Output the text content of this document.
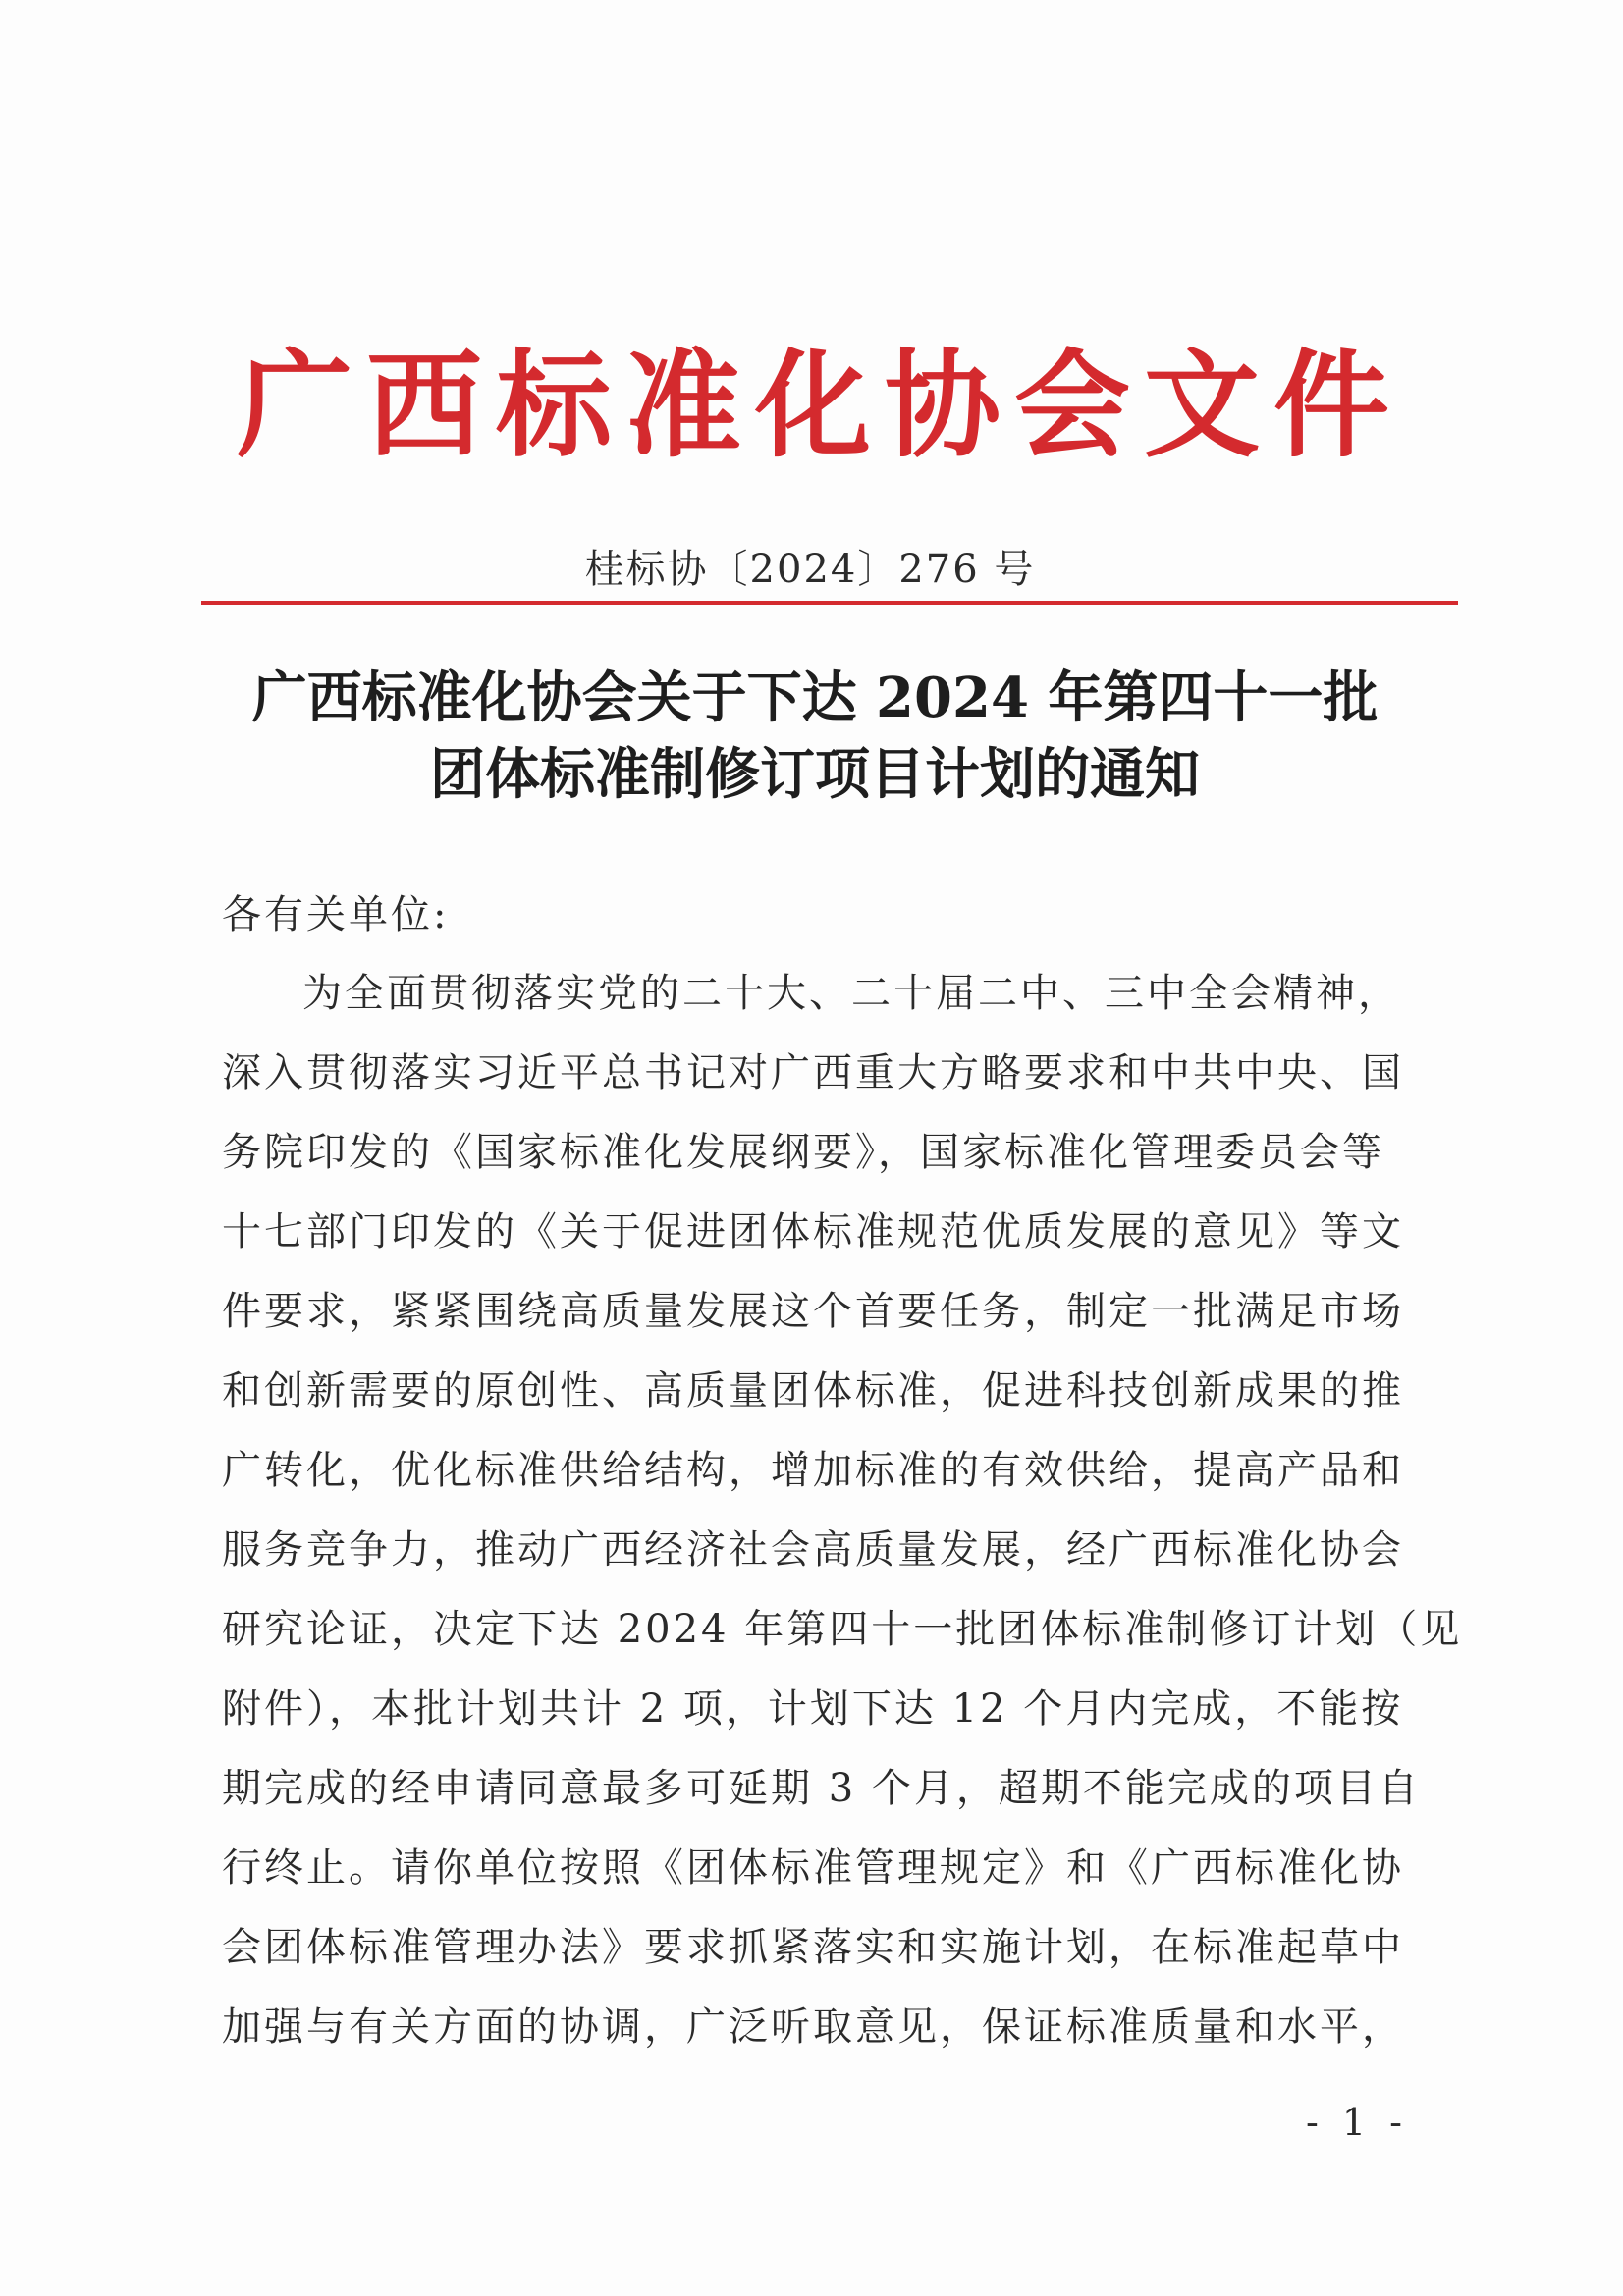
广西标准化协会文件
桂标协〔2024〕276 号
广西标准化协会关于下达 2024 年第四十一批
团体标准制修订项目计划的通知
各有关单位:
为全面贯彻落实党的二十大、二十届二中、三中全会精神，
深入贯彻落实习近平总书记对广西重大方略要求和中共中央、国
务院印发的《国家标准化发展纲要》，国家标准化管理委员会等
十七部门印发的《关于促进团体标准规范优质发展的意见》等文
件要求，紧紧围绕高质量发展这个首要任务，制定一批满足市场
和创新需要的原创性、高质量团体标准，促进科技创新成果的推
广转化，优化标准供给结构，增加标准的有效供给，提高产品和
服务竞争力，推动广西经济社会高质量发展，经广西标准化协会
研究论证，决定下达 2024 年第四十一批团体标准制修订计划（见
附件），本批计划共计 2 项，计划下达 12 个月内完成，不能按
期完成的经申请同意最多可延期 3 个月，超期不能完成的项目自
行终止。请你单位按照《团体标准管理规定》和《广西标准化协
会团体标准管理办法》要求抓紧落实和实施计划，在标准起草中
加强与有关方面的协调，广泛听取意见，保证标准质量和水平，
- 1 -
